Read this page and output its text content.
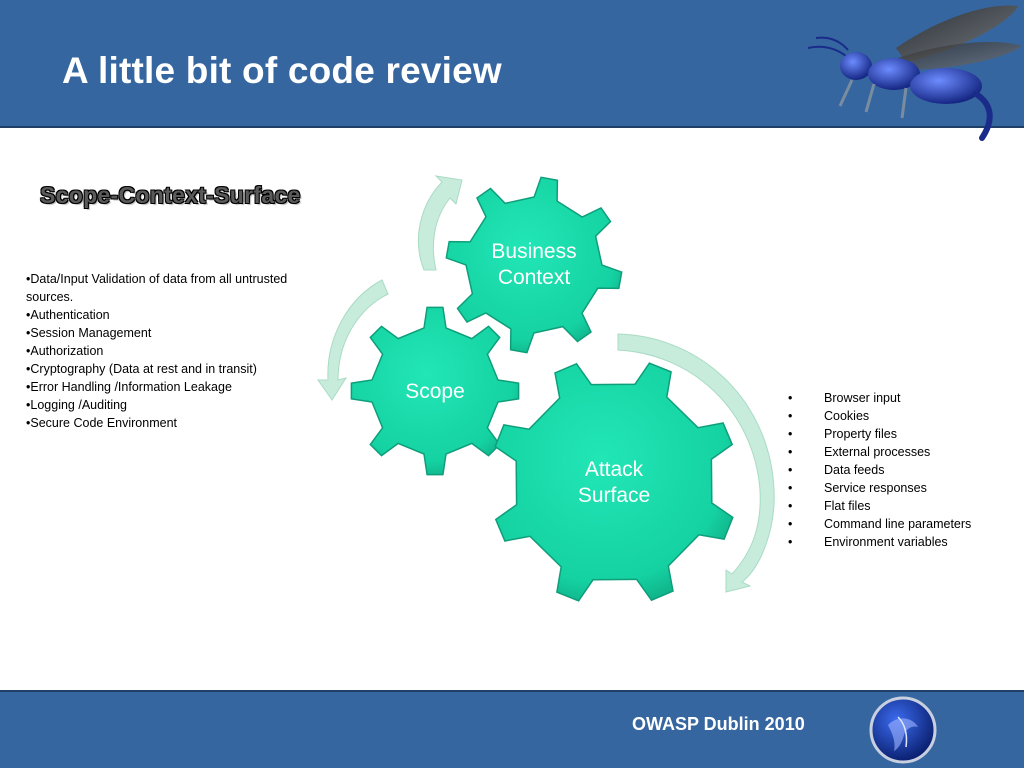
A little bit of code review
Scope-Context-Surface
• Data/Input Validation of data from all untrusted sources.
• Authentication
• Session Management
• Authorization
• Cryptography (Data at rest and in transit)
• Error Handling /Information Leakage
• Logging /Auditing
• Secure Code Environment
Business
Context
Scope
Attack
Surface
• Browser input
• Cookies
• Property files
• External processes
• Data feeds
• Service responses
• Flat files
• Command line parameters
• Environment variables
OWASP Dublin 2010
